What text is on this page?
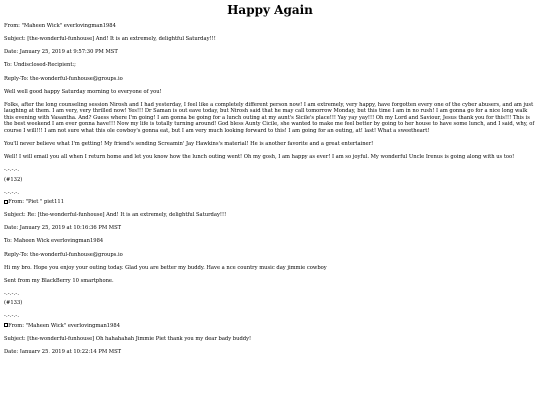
Happy Again

From: "Maheen Wick" everlovingman1984

Subject: [the-wonderful-funhouse] And! It is an extremely, delightful Saturday!!!

Date: January 25, 2019 at 9:57:30 PM MST

To: Undisclosed-Recipient:;

Reply-To: the-wonderful-funhouse@groups.io

Well well good happy Saturday morning to everyone of you!

Folks, after the long counseling session Nirosh and I had yesterday, I feel like a completely different person now! I am extremely, very happy, have forgotten every one of the cyber abusers, and am just laughing at them. I am very, very thrilled now! Yes!!! Dr Saman is out eave today, but Nirosh said that he may call tomorrow Monday, but this time I am in no rush! I am gonna go for a nice long walk this evening with Vasantha. And? Guess where I'm going! I am gonna be going for a lunch outing at my aunt's Sicile's place!!! Yay yay yay!!! Oh my Lord and Saviour, Jesus thank you for this!!! This is the best weekend I am ever gonna have!!! Now my life is totally turning around! God bless Aunty Cicile, she wanted to make me feel better by going to her house to have some lunch, and I said, why, of course I will!!! I am not sure what this ole cowboy's gonna eat, but I am very much looking forward to this! I am going for an outing, at! last! What a sweetheart!

You'll never believe what I'm getting! My friend's sending Screamin' Jay Hawkins's material! He is another favorite and a great entertainer!

Well! I will email you all when I return home and let you know how the lunch outing went! Oh my gosh, I am happy as ever! I am so joyful. My wonderful Uncle Irenus is going along with us too!

-.-.-.-.

(#132)

-.-.-.-.

From: "Piet " piet111

Subject: Re: [the-wonderful-funhouse] And! It is an extremely, delightful Saturday!!!

Date: January 25, 2019 at 10:16:36 PM MST

To: Maheen Wick everlovingman1984

Reply-To: the-wonderful-funhouse@groups.io

Hi my bro. Hope you enjoy your outing today. Glad you are better my buddy. Have a nce country music day jimmie cowboy

Sent from my BlackBerry 10 smartphone.

-.-.-.-.

(#133)

-.-.-.-.

From: "Maheen Wick" everlovingman1984

Subject: [the-wonderful-funhouse] Oh hahahahah Jimmie Piet thank you my dear bady buddy!

Date: January 25, 2019 at 10:22:14 PM MST
